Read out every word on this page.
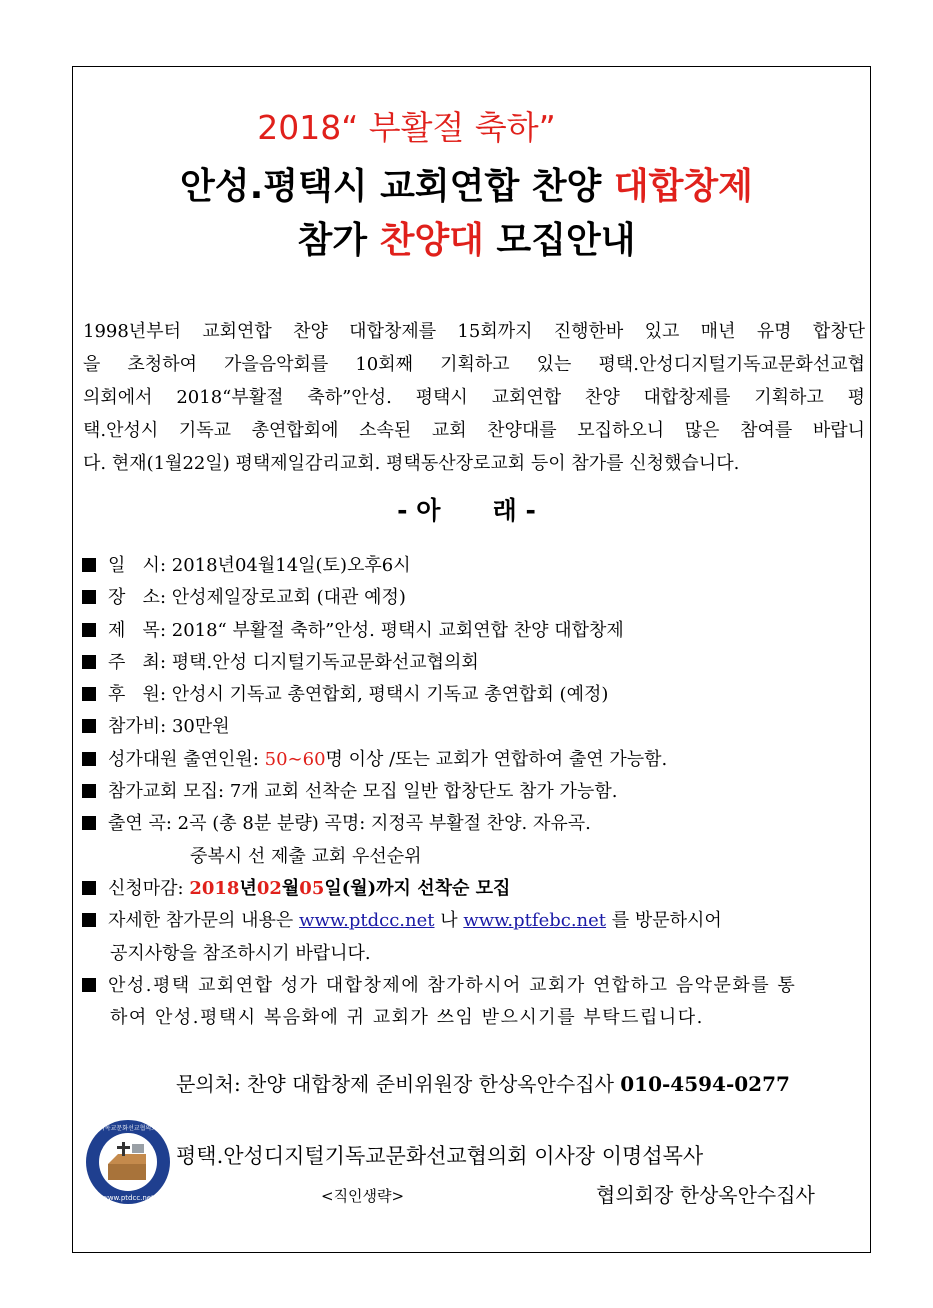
2018“ 부활절 축하”
안성.평택시 교회연합 찬양 대합창제
참가 찬양대 모집안내
1998년부터 교회연합 찬양 대합창제를 15회까지 진행한바 있고 매년 유명 합창단
을 초청하여 가을음악회를 10회째 기획하고 있는 평택.안성디지털기독교문화선교협
의회에서 2018“부활절 축하”안성. 평택시 교회연합 찬양 대합창제를 기획하고 평
택.안성시 기독교 총연합회에 소속된 교회 찬양대를 모집하오니 많은 참여를 바랍니
다. 현재(1월22일) 평택제일감리교회. 평택동산장로교회 등이 참가를 신청했습니다.
- 아      래 -
일   시: 2018년04월14일(토)오후6시
장   소: 안성제일장로교회 (대관 예정)
제   목: 2018“ 부활절 축하”안성. 평택시 교회연합 찬양 대합창제
주   최: 평택.안성 디지털기독교문화선교협의회
후   원: 안성시 기독교 총연합회, 평택시 기독교 총연합회 (예정)
참가비: 30만원
성가대원 출연인원: 50∼60명 이상 /또는 교회가 연합하여 출연 가능함.
참가교회 모집: 7개 교회 선착순 모집 일반 합창단도 참가 가능함.
출연 곡: 2곡 (총 8분 분량) 곡명: 지정곡 부활절 찬양. 자유곡.
중복시 선 제출 교회 우선순위
신청마감: 2018년02월05일(월)까지 선착순 모집
자세한 참가문의 내용은 www.ptdcc.net 나 www.ptfebc.net 를 방문하시어
공지사항을 참조하시기 바랍니다.
안성.평택 교회연합 성가 대합창제에 참가하시어 교회가 연합하고 음악문화를 통
하여 안성.평택시 복음화에 귀 교회가 쓰임 받으시기를 부탁드립니다.
문의처: 찬양 대합창제 준비위원장 한상옥안수집사 010-4594-0277
www.ptdcc.net
기독교문화선교협의회
평택.안성디지털기독교문화선교협의회 이사장 이명섭목사
<직인생략>	협의회장 한상옥안수집사
